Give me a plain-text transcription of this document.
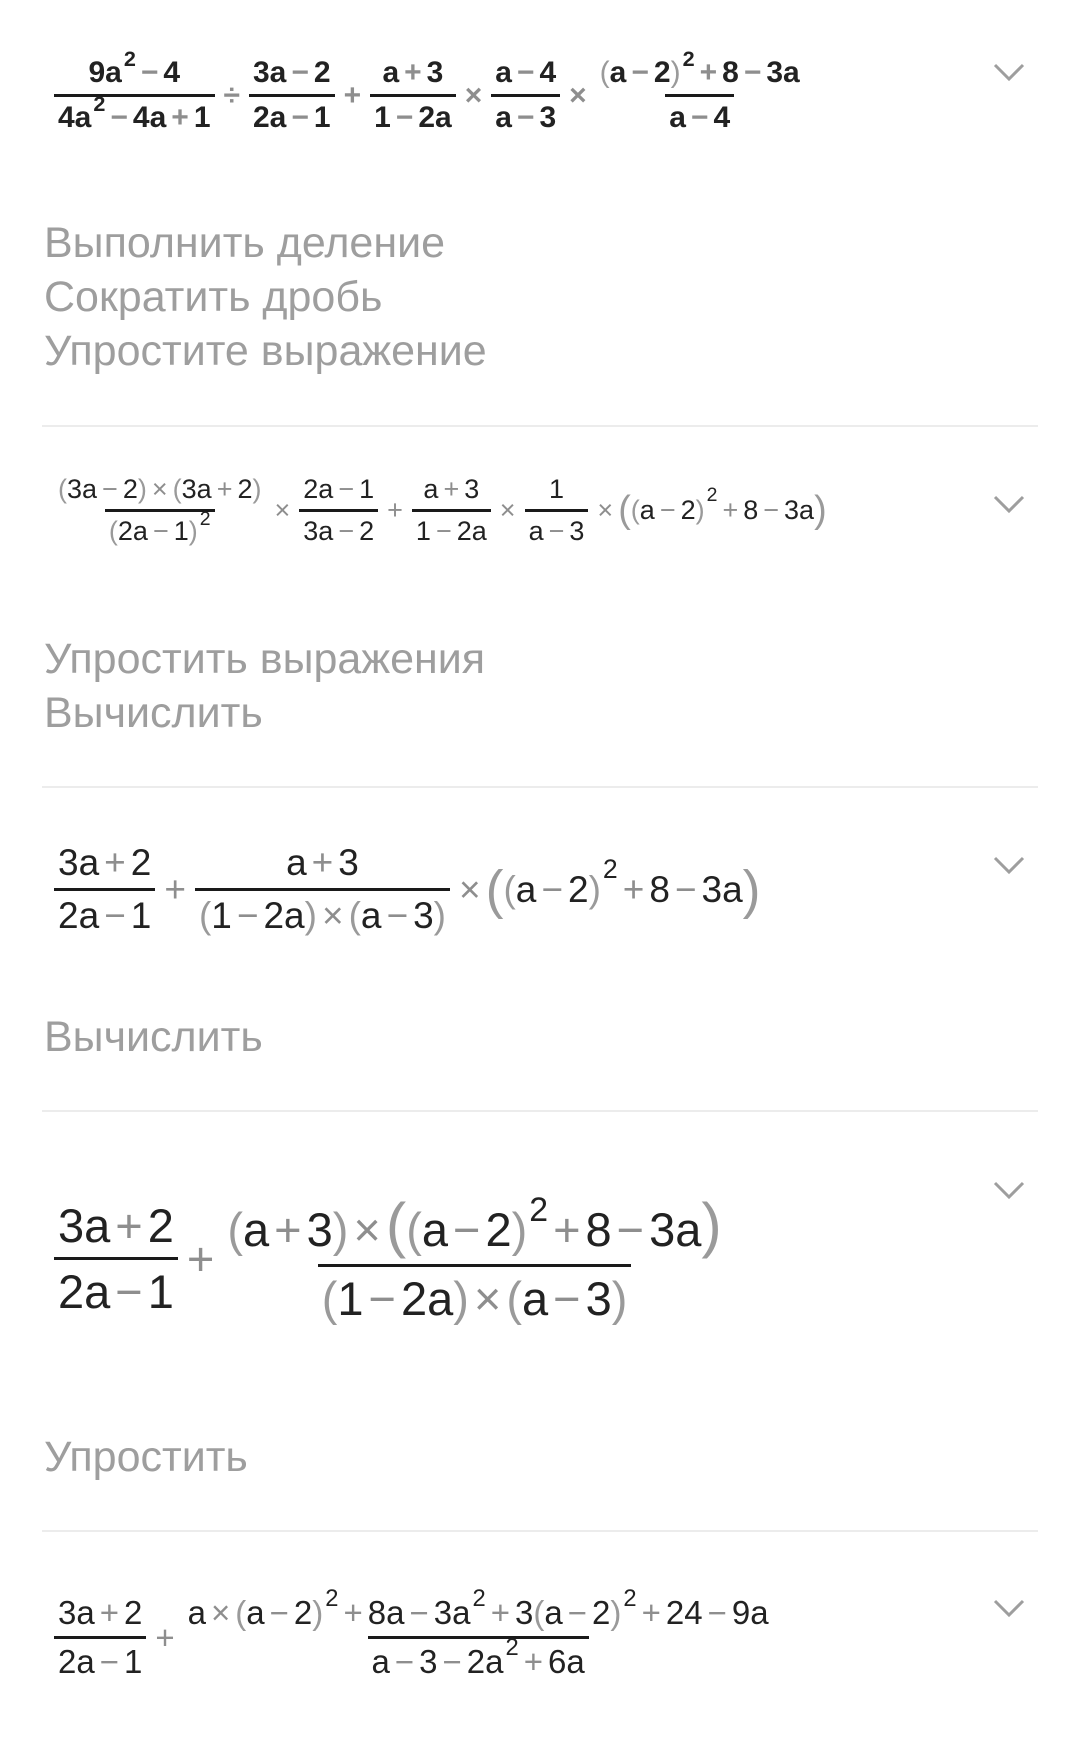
$\frac{9a^2 - 4}{4a^2 - 4a + 1} \div \frac{3a - 2}{2a - 1} + \frac{a + 3}{1 - 2a} \times \frac{a - 4}{a - 3} \times \frac{(a - 2)^2 + 8 - 3a}{a - 4}$
Выполнить деление
Сократить дробь
Упростите выражение
$\frac{(3a - 2) \times (3a + 2)}{(2a - 1) ^2} \times \frac{2a - 1}{3a - 2} + \frac{a + 3}{1 - 2a} \times \frac{1}{a - 3}$ × ( ( a − 2 ) 2 + 8 − 3a )
Упростить выражения
Вычислить
$\frac{3a + 2}{2a - 1} + \frac{a + 3}{(1 - 2a) \times (a - 3)}$ × ( ( a − 2 ) 2 + 8 − 3a )
Вычислить
$\frac{3a + 2}{2a - 1} + \frac{(a + 3) \times((a - 2)^2 + 8 - 3a)}{(1 - 2a) \times (a - 3)}$
Упростить
$\frac{3a + 2}{2a - 1} + \frac{a \times (a - 2)^2 + 8a - 3a^2 + 3(a - 2)^2 + 24 - 9a}{a - 3 - 2a^2 + 6a}$
